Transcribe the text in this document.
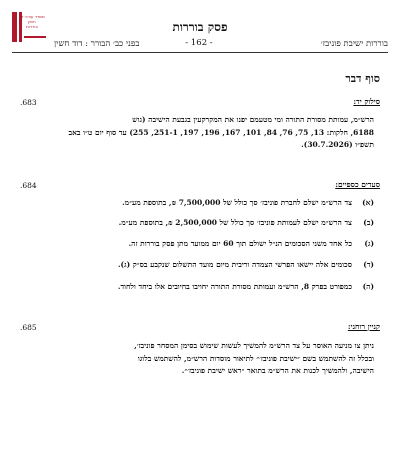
משרד עורכי דין
חשין
בוררות	פסק בוררות
בוררות ישיבת פוניבז׳
- 162 -
בפני כב׳ הבורר : דוד חשין
סוף דבר
683.	סילוק יד:
הרש״מ, עמותת מסורת התורה ומי מטעמם יפנו את המקרקעין בגבעת הישיבה (גוש
6188, חלקות: 13, 75, 76, 84, 101, 167, 196, 197, 251-1, 255) עד סוף יום ט״ו באב
תשפ״ו (30.7.2026).
684.	סעדים כספיים:
(א)
צד הרש״מ ישלם לחברת פוניבז׳ סך כולל של 7,500,000 ₪, בתוספת מע״מ.
(ב)
צד הרש״מ ישלם לעמותת פוניבז׳ סך כולל של 2,500,000 ₪, בתוספת מע״מ.
(ג)
כל אחד משני הסכומים הנ״ל ישולם תוך 60 יום ממועד מתן פסק בוררות זה.
(ד)
סכומים אלה יישאו הפרשי הצמדה וריבית מיום מועד התשלום שנקבע בס״ק (ג).
(ה)
כמפורט בפרק 8, הרש״מ ועמותת מסורת התורה יחויבו בחיובים אלו ביחד ולחוד.
685.	קניין רוחני:
ניתן צו מניעה האוסר על צד הרש״מ להמשיך לעשות שימוש בסימן המסחר פוניבז׳,
ובכלל זה להשתמש בשם ״ישיבת פוניבז׳״ לתיאור מוסדות הרש״מ, להשתמש בלוגו
הישיבה, ולהמשיך לכנות את הרש״מ בתואר ״ראש ישיבת פוניבז׳״.
